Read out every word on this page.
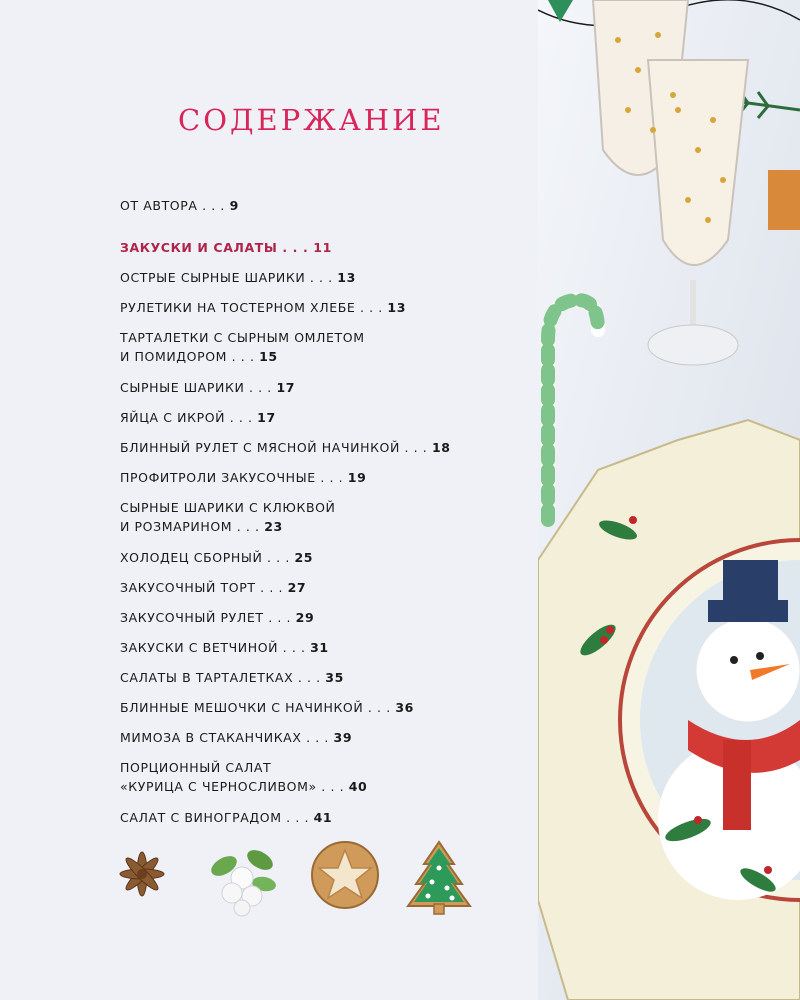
СОДЕРЖАНИЕ
ОТ АВТОРА . . . 9
ЗАКУСКИ И САЛАТЫ . . . 11
ОСТРЫЕ СЫРНЫЕ ШАРИКИ . . . 13
РУЛЕТИКИ НА ТОСТЕРНОМ ХЛЕБЕ . . . 13
ТАРТАЛЕТКИ С СЫРНЫМ ОМЛЕТОМ
И ПОМИДОРОМ . . . 15
СЫРНЫЕ ШАРИКИ . . . 17
ЯЙЦА С ИКРОЙ . . . 17
БЛИННЫЙ РУЛЕТ С МЯСНОЙ НАЧИНКОЙ . . . 18
ПРОФИТРОЛИ ЗАКУСОЧНЫЕ . . . 19
СЫРНЫЕ ШАРИКИ С КЛЮКВОЙ
И РОЗМАРИНОМ . . . 23
ХОЛОДЕЦ СБОРНЫЙ . . . 25
ЗАКУСОЧНЫЙ ТОРТ . . . 27
ЗАКУСОЧНЫЙ РУЛЕТ . . . 29
ЗАКУСКИ С ВЕТЧИНОЙ . . . 31
САЛАТЫ В ТАРТАЛЕТКАХ . . . 35
БЛИННЫЕ МЕШОЧКИ С НАЧИНКОЙ . . . 36
МИМОЗА В СТАКАНЧИКАХ . . . 39
ПОРЦИОННЫЙ САЛАТ
«КУРИЦА С ЧЕРНОСЛИВОМ» . . . 40
САЛАТ С ВИНОГРАДОМ . . . 41
